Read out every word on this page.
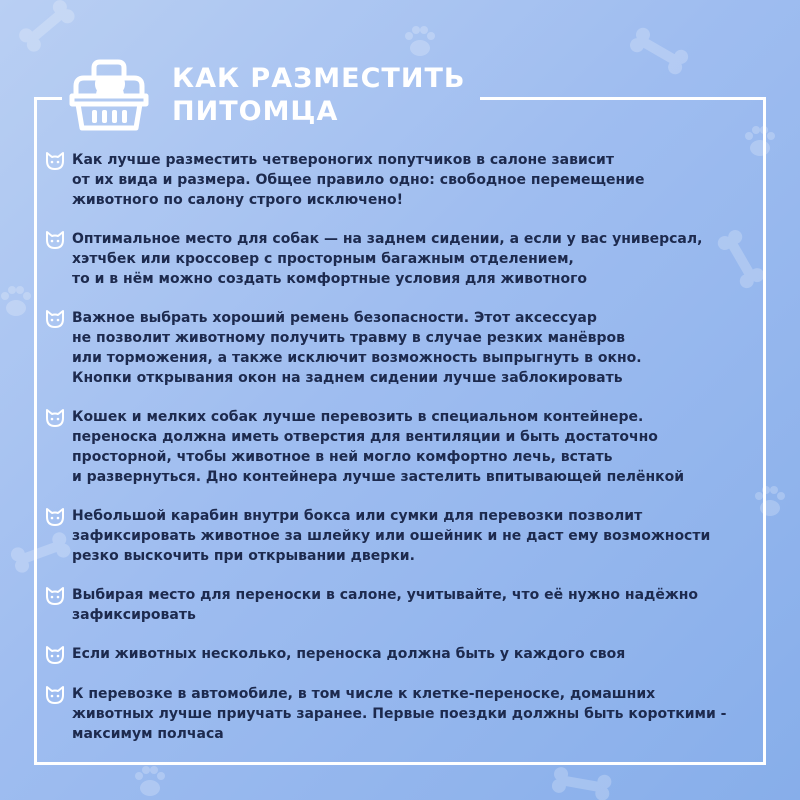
КАК РАЗМЕСТИТЬ
ПИТОМЦА
Как лучше разместить четвероногих попутчиков в салоне зависит
от их вида и размера. Общее правило одно: свободное перемещение
животного по салону строго исключено!
Оптимальное место для собак — на заднем сидении, а если у вас универсал,
хэтчбек или кроссовер с просторным багажным отделением,
то и в нём можно создать комфортные условия для животного
Важное выбрать хороший ремень безопасности. Этот аксессуар
не позволит животному получить травму в случае резких манёвров
или торможения, а также исключит возможность выпрыгнуть в окно.
Кнопки открывания окон на заднем сидении лучше заблокировать
Кошек и мелких собак лучше перевозить в специальном контейнере.
переноска должна иметь отверстия для вентиляции и быть достаточно
просторной, чтобы животное в ней могло комфортно лечь, встать
и развернуться. Дно контейнера лучше застелить впитывающей пелёнкой
Небольшой карабин внутри бокса или сумки для перевозки позволит
зафиксировать животное за шлейку или ошейник и не даст ему возможности
резко выскочить при открывании дверки.
Выбирая место для переноски в салоне, учитывайте, что её нужно надёжно
зафиксировать
Если животных несколько, переноска должна быть у каждого своя
К перевозке в автомобиле, в том числе к клетке-переноске, домашних
животных лучше приучать заранее. Первые поездки должны быть короткими -
максимум полчаса
